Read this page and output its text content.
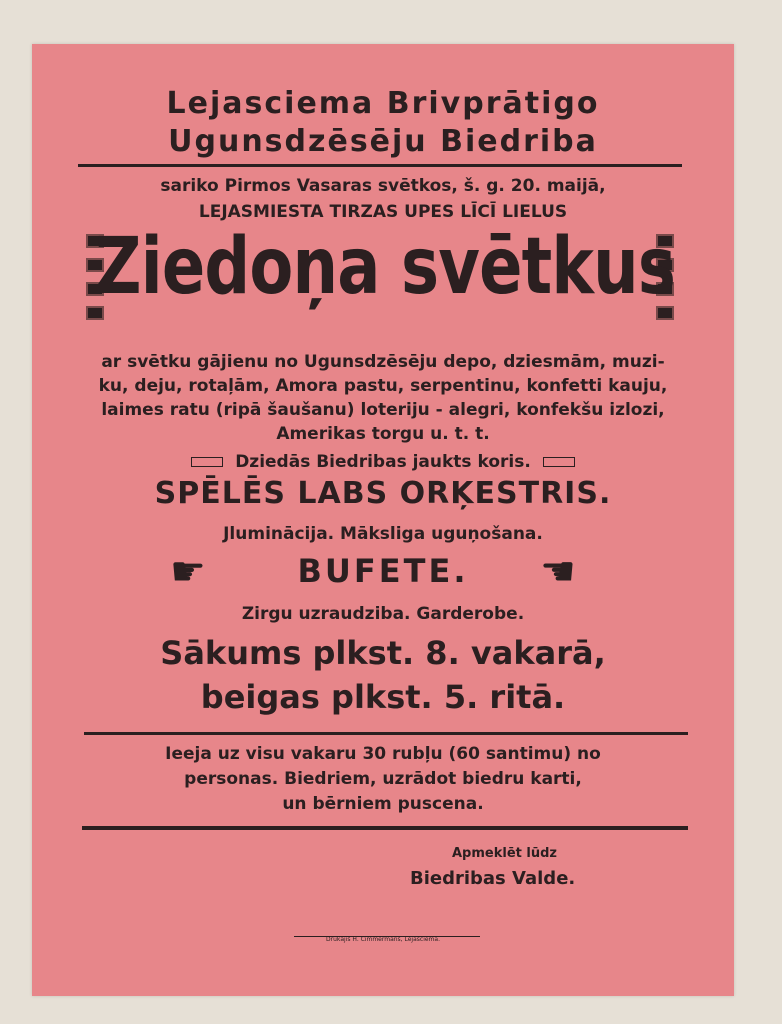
Lejasciema Brivprātigo
Ugunsdzēsēju Biedriba
sariko Pirmos Vasaras svētkos, š. g. 20. maijā,
LEJASMIESTA TIRZAS UPES LĪCĪ LIELUS
Ziedoņa svētkus
ar svētku gājienu no Ugunsdzēsēju depo, dziesmām, muzi-
ku, deju, rotaļām, Amora pastu, serpentinu, konfetti kauju,
laimes ratu (ripā šaušanu) loteriju - alegri, konfekšu izlozi,
Amerikas torgu u. t. t.
Dziedās Biedribas jaukts koris.
SPĒLĒS LABS ORĶESTRIS.
Jluminācija. Māksliga uguņošana.
☛	☚
BUFETE.
Zirgu uzraudziba. Garderobe.
Sākums plkst. 8. vakarā,
beigas plkst. 5. ritā.
Ieeja uz visu vakaru 30 rubļu (60 santimu) no
personas. Biedriem, uzrādot biedru karti,
un bērniem puscena.
Apmeklēt lūdz
Biedribas Valde.
Drukājis H. Cimmermans, Lejasciemā.
